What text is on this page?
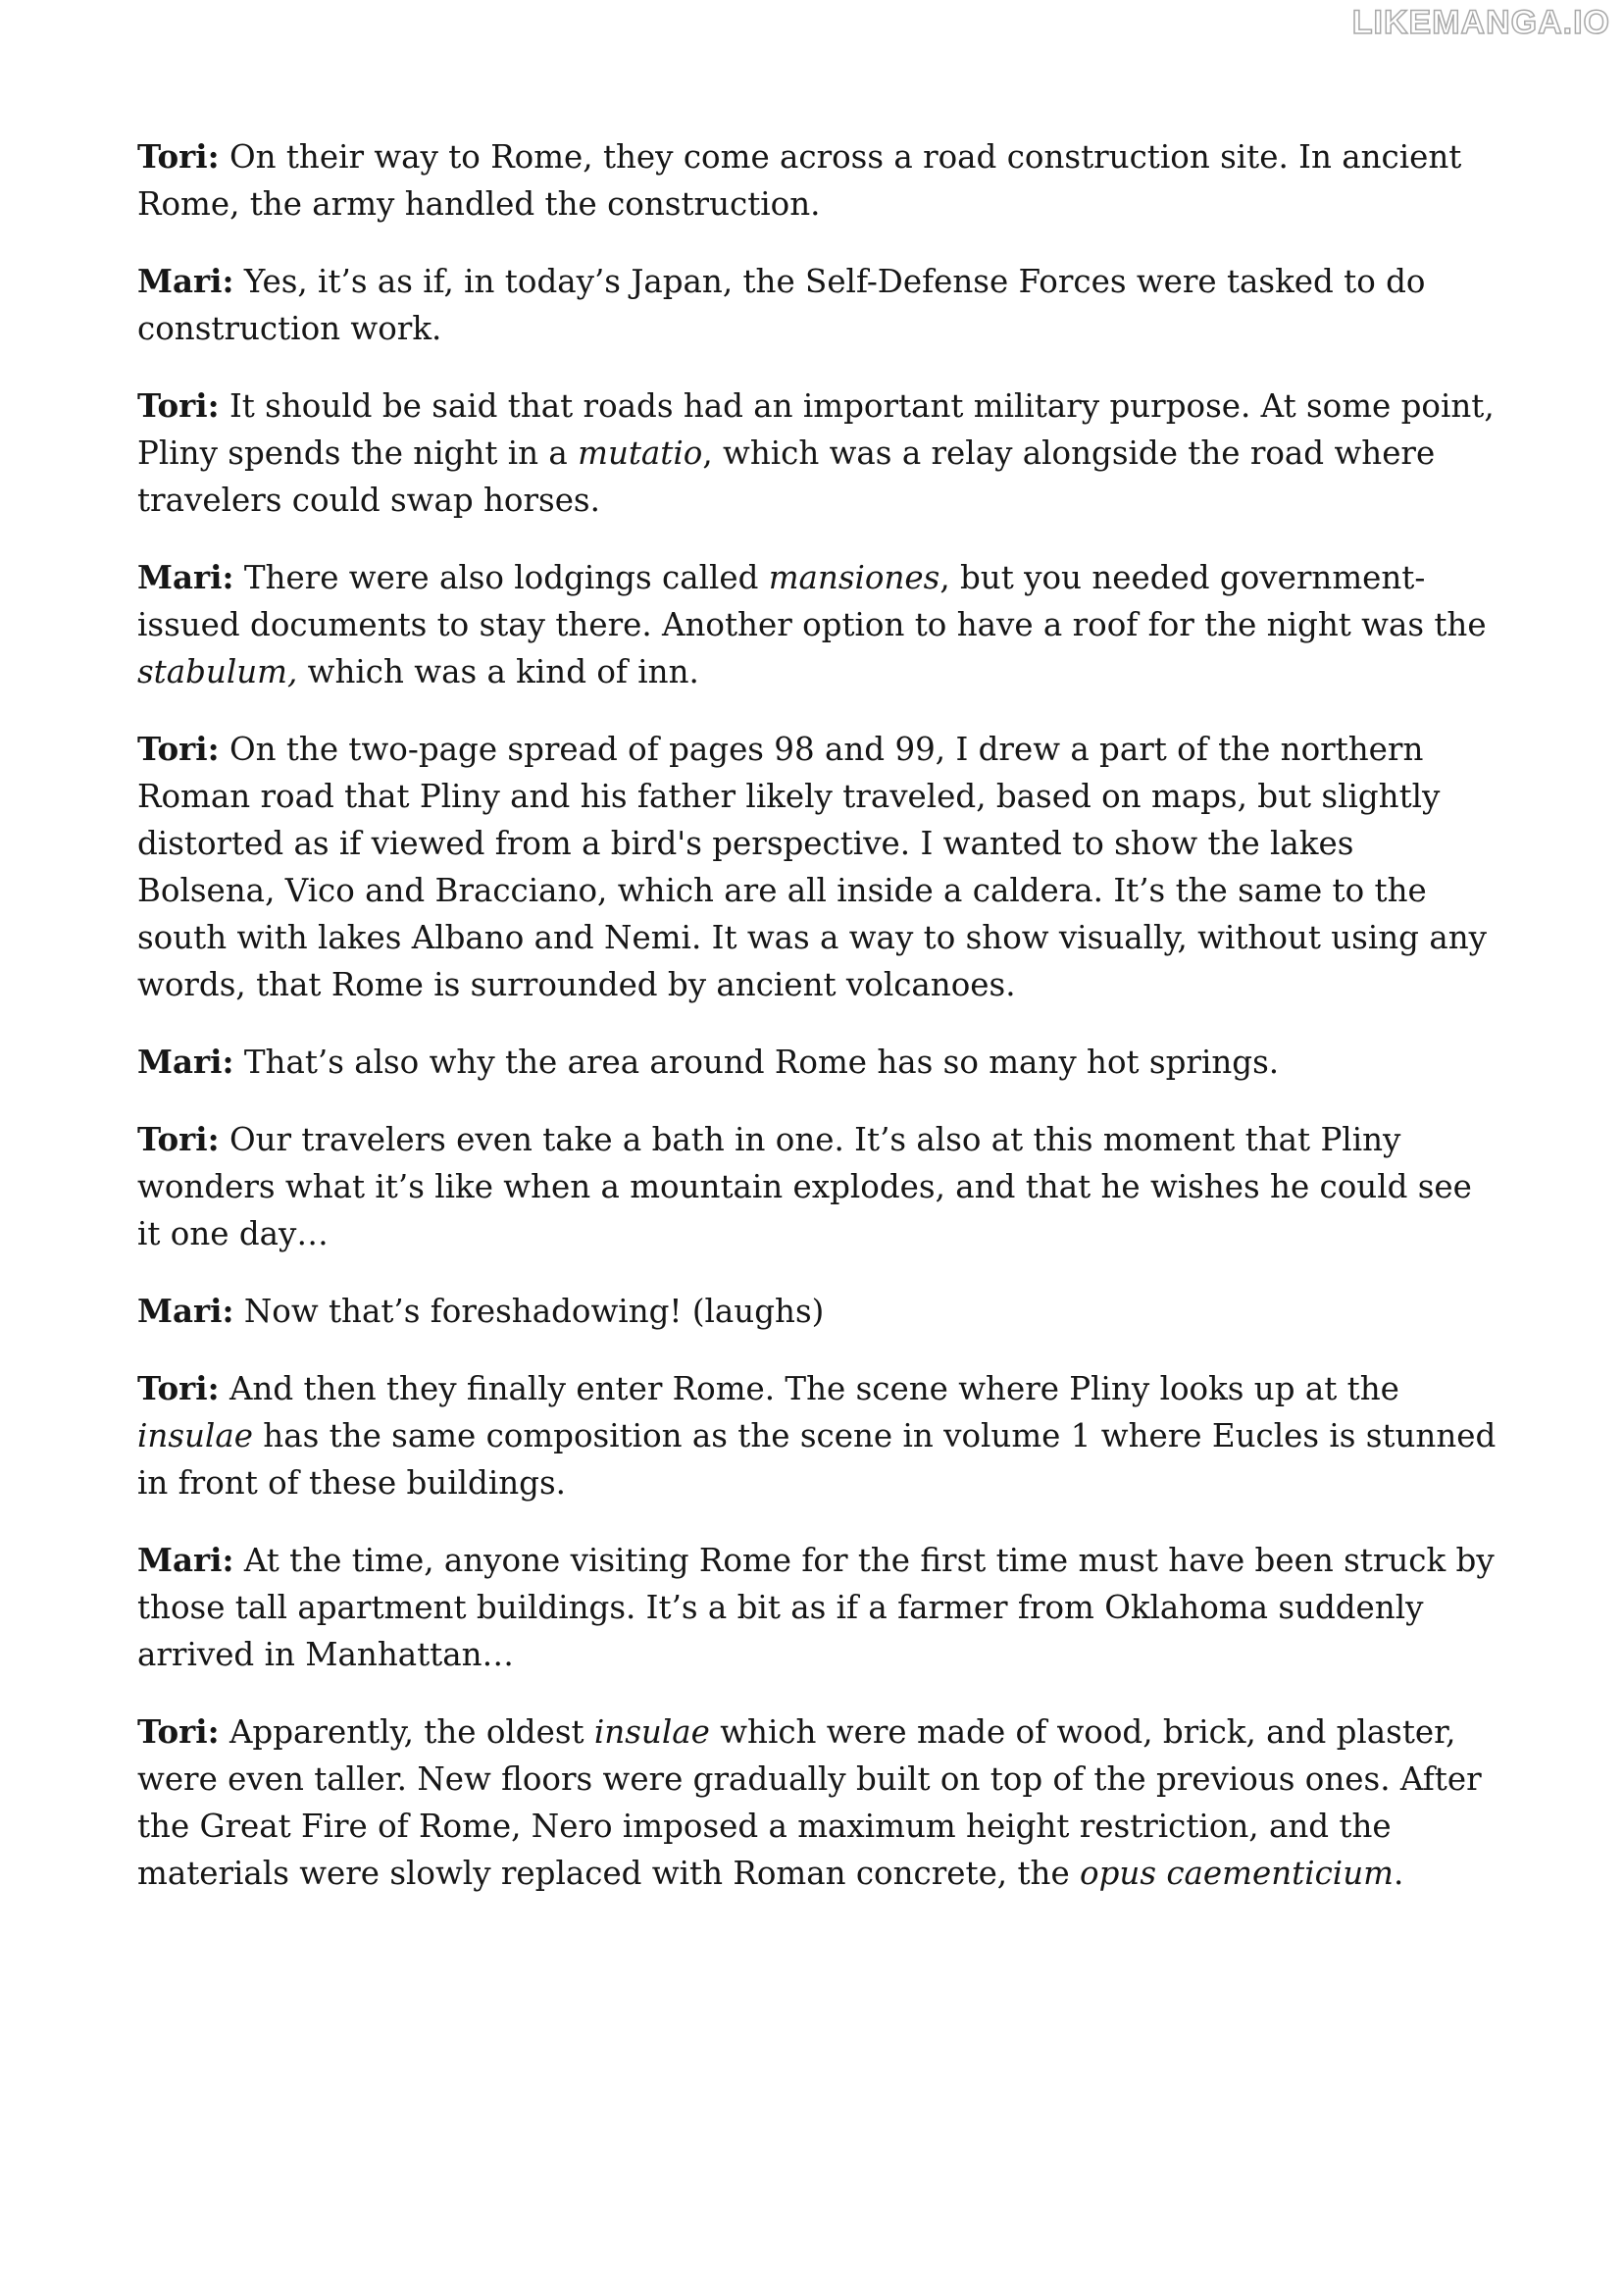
LIKEMANGA.IO

Tori: On their way to Rome, they come across a road construction site. In ancient Rome, the army handled the construction.

Mari: Yes, it’s as if, in today’s Japan, the Self-Defense Forces were tasked to do construction work.

Tori: It should be said that roads had an important military purpose. At some point, Pliny spends the night in a mutatio, which was a relay alongside the road where travelers could swap horses.

Mari: There were also lodgings called mansiones, but you needed government-issued documents to stay there. Another option to have a roof for the night was the stabulum, which was a kind of inn.

Tori: On the two-page spread of pages 98 and 99, I drew a part of the northern Roman road that Pliny and his father likely traveled, based on maps, but slightly distorted as if viewed from a bird's perspective. I wanted to show the lakes Bolsena, Vico and Bracciano, which are all inside a caldera. It’s the same to the south with lakes Albano and Nemi. It was a way to show visually, without using any words, that Rome is surrounded by ancient volcanoes.

Mari: That’s also why the area around Rome has so many hot springs.

Tori: Our travelers even take a bath in one. It’s also at this moment that Pliny wonders what it’s like when a mountain explodes, and that he wishes he could see it one day…

Mari: Now that’s foreshadowing! (laughs)

Tori: And then they finally enter Rome. The scene where Pliny looks up at the insulae has the same composition as the scene in volume 1 where Eucles is stunned in front of these buildings.

Mari: At the time, anyone visiting Rome for the first time must have been struck by those tall apartment buildings. It’s a bit as if a farmer from Oklahoma suddenly arrived in Manhattan…

Tori: Apparently, the oldest insulae which were made of wood, brick, and plaster, were even taller. New floors were gradually built on top of the previous ones. After the Great Fire of Rome, Nero imposed a maximum height restriction, and the materials were slowly replaced with Roman concrete, the opus caementicium.
